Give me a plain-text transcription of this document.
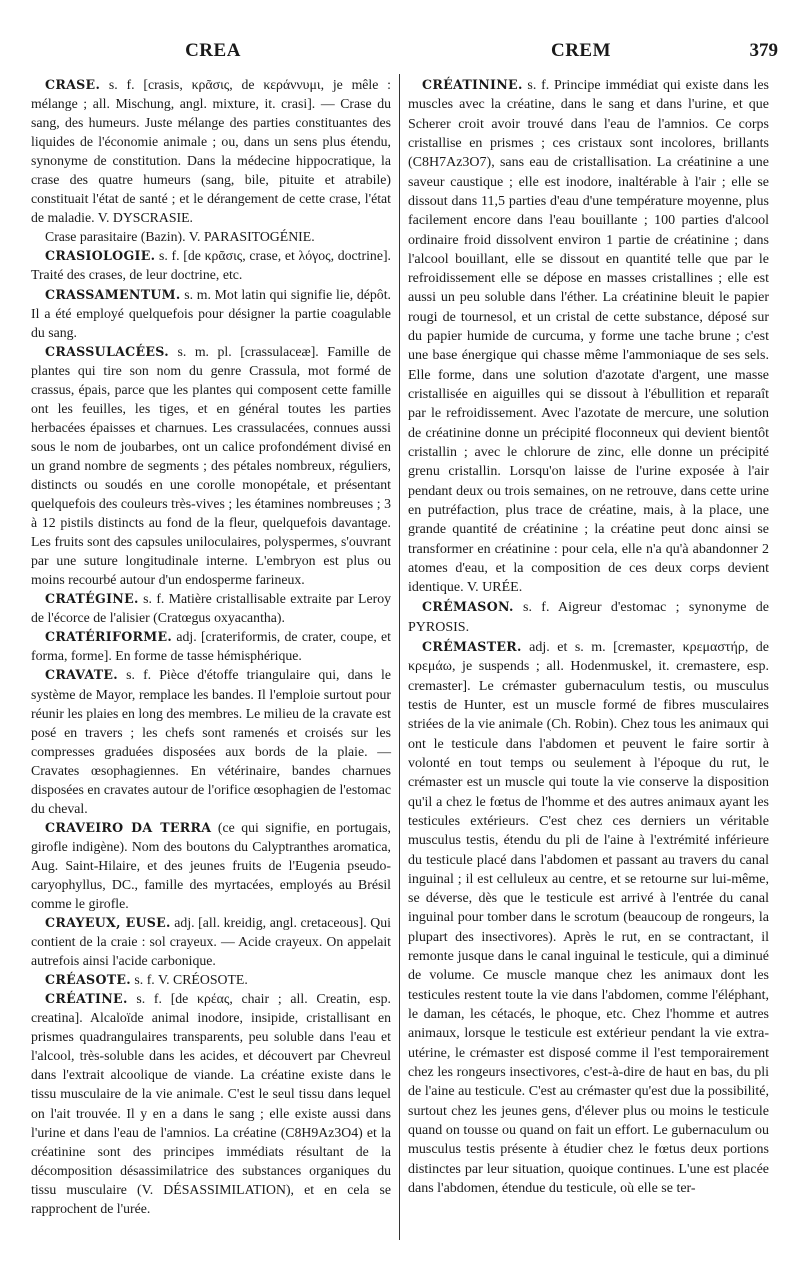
CREA	CREM	379

CRASE. s. f. [crasis, κρᾶσις, de κεράννυμι, je mêle : mélange ; all. Mischung, angl. mixture, it. crasi]. — Crase du sang, des humeurs. Juste mélange des parties constituantes des liquides de l'économie animale ; ou, dans un sens plus étendu, synonyme de constitution. Dans la médecine hippocratique, la crase des quatre humeurs (sang, bile, pituite et atrabile) constituait l'état de santé ; et le dérangement de cette crase, l'état de maladie. V. DYSCRASIE.

Crase parasitaire (Bazin). V. PARASITOGÉNIE.

CRASIOLOGIE. s. f. [de κρᾶσις, crase, et λόγος, doctrine]. Traité des crases, de leur doctrine, etc.

CRASSAMENTUM. s. m. Mot latin qui signifie lie, dépôt. Il a été employé quelquefois pour désigner la partie coagulable du sang.

CRASSULACÉES. s. m. pl. [crassulaceæ]. Famille de plantes qui tire son nom du genre Crassula, mot formé de crassus, épais, parce que les plantes qui composent cette famille ont les feuilles, les tiges, et en général toutes les parties herbacées épaisses et charnues. Les crassulacées, connues aussi sous le nom de joubarbes, ont un calice profondément divisé en un grand nombre de segments ; des pétales nombreux, réguliers, distincts ou soudés en une corolle monopétale, et présentant quelquefois des couleurs très-vives ; les étamines nombreuses ; 3 à 12 pistils distincts au fond de la fleur, quelquefois davantage. Les fruits sont des capsules uniloculaires, polyspermes, s'ouvrant par une suture longitudinale interne. L'embryon est plus ou moins recourbé autour d'un endosperme farineux.

CRATÉGINE. s. f. Matière cristallisable extraite par Leroy de l'écorce de l'alisier (Cratœgus oxyacantha).

CRATÉRIFORME. adj. [crateriformis, de crater, coupe, et forma, forme]. En forme de tasse hémisphérique.

CRAVATE. s. f. Pièce d'étoffe triangulaire qui, dans le système de Mayor, remplace les bandes. Il l'emploie surtout pour réunir les plaies en long des membres. Le milieu de la cravate est posé en travers ; les chefs sont ramenés et croisés sur les compresses graduées disposées aux bords de la plaie. — Cravates œsophagiennes. En vétérinaire, bandes charnues disposées en cravates autour de l'orifice œsophagien de l'estomac du cheval.

CRAVEIRO DA TERRA (ce qui signifie, en portugais, girofle indigène). Nom des boutons du Calyptranthes aromatica, Aug. Saint-Hilaire, et des jeunes fruits de l'Eugenia pseudo-caryophyllus, DC., famille des myrtacées, employés au Brésil comme le girofle.

CRAYEUX, EUSE. adj. [all. kreidig, angl. cretaceous]. Qui contient de la craie : sol crayeux. — Acide crayeux. On appelait autrefois ainsi l'acide carbonique.

CRÉASOTE. s. f. V. CRÉOSOTE.

CRÉATINE. s. f. [de κρέας, chair ; all. Creatin, esp. creatina]. Alcaloïde animal inodore, insipide, cristallisant en prismes quadrangulaires transparents, peu soluble dans l'eau et l'alcool, très-soluble dans les acides, et découvert par Chevreul dans l'extrait alcoolique de viande. La créatine existe dans le tissu musculaire de la vie animale. C'est le seul tissu dans lequel on l'ait trouvée. Il y en a dans le sang ; elle existe aussi dans l'urine et dans l'eau de l'amnios. La créatine (C8H9Az3O4) et la créatinine sont des principes immédiats résultant de la décomposition désassimilatrice des substances organiques du tissu musculaire (V. DÉSASSIMILATION), et en cela se rapprochent de l'urée.

CRÉATININE. s. f. Principe immédiat qui existe dans les muscles avec la créatine, dans le sang et dans l'urine, et que Scherer croit avoir trouvé dans l'eau de l'amnios. Ce corps cristallise en prismes ; ces cristaux sont incolores, brillants (C8H7Az3O7), sans eau de cristallisation. La créatinine a une saveur caustique ; elle est inodore, inaltérable à l'air ; elle se dissout dans 11,5 parties d'eau d'une température moyenne, plus facilement encore dans l'eau bouillante ; 100 parties d'alcool ordinaire froid dissolvent environ 1 partie de créatinine ; dans l'alcool bouillant, elle se dissout en quantité telle que par le refroidissement elle se dépose en masses cristallines ; elle est aussi un peu soluble dans l'éther. La créatinine bleuit le papier rougi de tournesol, et un cristal de cette substance, déposé sur du papier humide de curcuma, y forme une tache brune ; c'est une base énergique qui chasse même l'ammoniaque de ses sels. Elle forme, dans une solution d'azotate d'argent, une masse cristallisée en aiguilles qui se dissout à l'ébullition et reparaît par le refroidissement. Avec l'azotate de mercure, une solution de créatinine donne un précipité floconneux qui devient bientôt cristallin ; avec le chlorure de zinc, elle donne un précipité grenu cristallin. Lorsqu'on laisse de l'urine exposée à l'air pendant deux ou trois semaines, on ne retrouve, dans cette urine en putréfaction, plus trace de créatine, mais, à la place, une grande quantité de créatinine ; la créatine peut donc ainsi se transformer en créatinine : pour cela, elle n'a qu'à abandonner 2 atomes d'eau, et la composition de ces deux corps devient identique. V. URÉE.

CRÉMASON. s. f. Aigreur d'estomac ; synonyme de PYROSIS.

CRÉMASTER. adj. et s. m. [cremaster, κρεμαστήρ, de κρεμάω, je suspends ; all. Hodenmuskel, it. cremastere, esp. cremaster]. Le crémaster gubernaculum testis, ou musculus testis de Hunter, est un muscle formé de fibres musculaires striées de la vie animale (Ch. Robin). Chez tous les animaux qui ont le testicule dans l'abdomen et peuvent le faire sortir à volonté en tout temps ou seulement à l'époque du rut, le crémaster est un muscle qui toute la vie conserve la disposition qu'il a chez le fœtus de l'homme et des autres animaux ayant les testicules extérieurs. C'est chez ces derniers un véritable musculus testis, étendu du pli de l'aine à l'extrémité inférieure du testicule placé dans l'abdomen et passant au travers du canal inguinal ; il est celluleux au centre, et se retourne sur lui-même, se déverse, dès que le testicule est arrivé à l'entrée du canal inguinal pour tomber dans le scrotum (beaucoup de rongeurs, la plupart des insectivores). Après le rut, en se contractant, il remonte jusque dans le canal inguinal le testicule, qui a diminué de volume. Ce muscle manque chez les animaux dont les testicules restent toute la vie dans l'abdomen, comme l'éléphant, le daman, les cétacés, le phoque, etc. Chez l'homme et autres animaux, lorsque le testicule est extérieur pendant la vie extra-utérine, le crémaster est disposé comme il l'est temporairement chez les rongeurs insectivores, c'est-à-dire de haut en bas, du pli de l'aine au testicule. C'est au crémaster qu'est due la possibilité, surtout chez les jeunes gens, d'élever plus ou moins le testicule quand on tousse ou quand on fait un effort. Le gubernaculum ou musculus testis présente à étudier chez le fœtus deux portions distinctes par leur situation, quoique continues. L'une est placée dans l'abdomen, étendue du testicule, où elle se ter-
